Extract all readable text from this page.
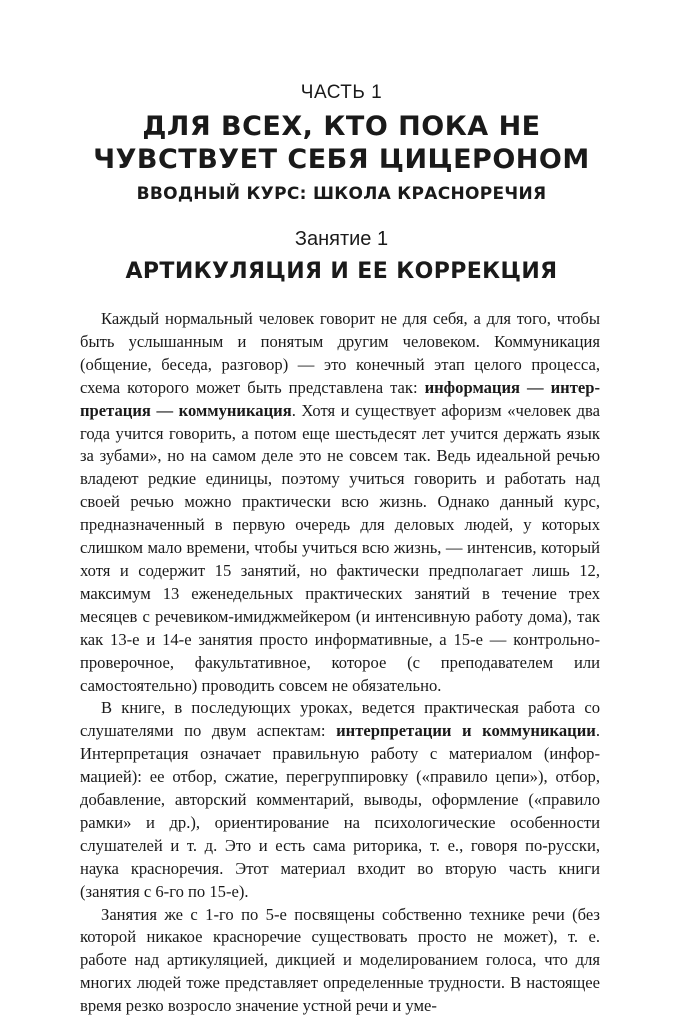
ЧАСТЬ 1
ДЛЯ ВСЕХ, КТО ПОКА НЕ
ЧУВСТВУЕТ СЕБЯ ЦИЦЕРОНОМ
ВВОДНЫЙ КУРС: ШКОЛА КРАСНОРЕЧИЯ
Занятие 1
АРТИКУЛЯЦИЯ И ЕЕ КОРРЕКЦИЯ

Каждый нормальный человек говорит не для себя, а для того, чтобы быть услышанным и понятым другим человеком. Коммуникация (общение, беседа, разговор) — это конечный этап целого процесса, схема которого может быть представлена так: информация — интерпретация — коммуникация. Хотя и существует афоризм «человек два года учится говорить, а потом еще шестьдесят лет учится держать язык за зубами», но на самом деле это не совсем так. Ведь идеальной речью владеют редкие единицы, поэтому учиться говорить и работать над своей речью можно практически всю жизнь. Однако данный курс, предназначенный в первую очередь для деловых людей, у которых слишком мало времени, чтобы учиться всю жизнь, — интенсив, который хотя и содержит 15 занятий, но фактически предполагает лишь 12, максимум 13 еженедельных практических занятий в течение трех месяцев с речевиком-имиджмейкером (и интенсивную работу дома), так как 13-е и 14-е занятия просто информативные, а 15-е — контрольно-проверочное, факультативное, которое (с преподавателем или самостоятельно) проводить совсем не обязательно.

В книге, в последующих уроках, ведется практическая работа со слушателями по двум аспектам: интерпретации и коммуникации. Интерпретация означает правильную работу с материалом (информацией): ее отбор, сжатие, перегруппировку («правило цепи»), отбор, добавление, авторский комментарий, выводы, оформление («правило рамки» и др.), ориентирование на психологические особенности слушателей и т. д. Это и есть сама риторика, т. е., говоря по-русски, наука красноречия. Этот материал входит во вторую часть книги (занятия с 6-го по 15-е).

Занятия же с 1-го по 5-е посвящены собственно технике речи (без которой никакое красноречие существовать просто не может), т. е. работе над артикуляцией, дикцией и моделированием голоса, что для многих людей тоже представляет определенные трудности. В настоящее время резко возросло значение устной речи и уме-
